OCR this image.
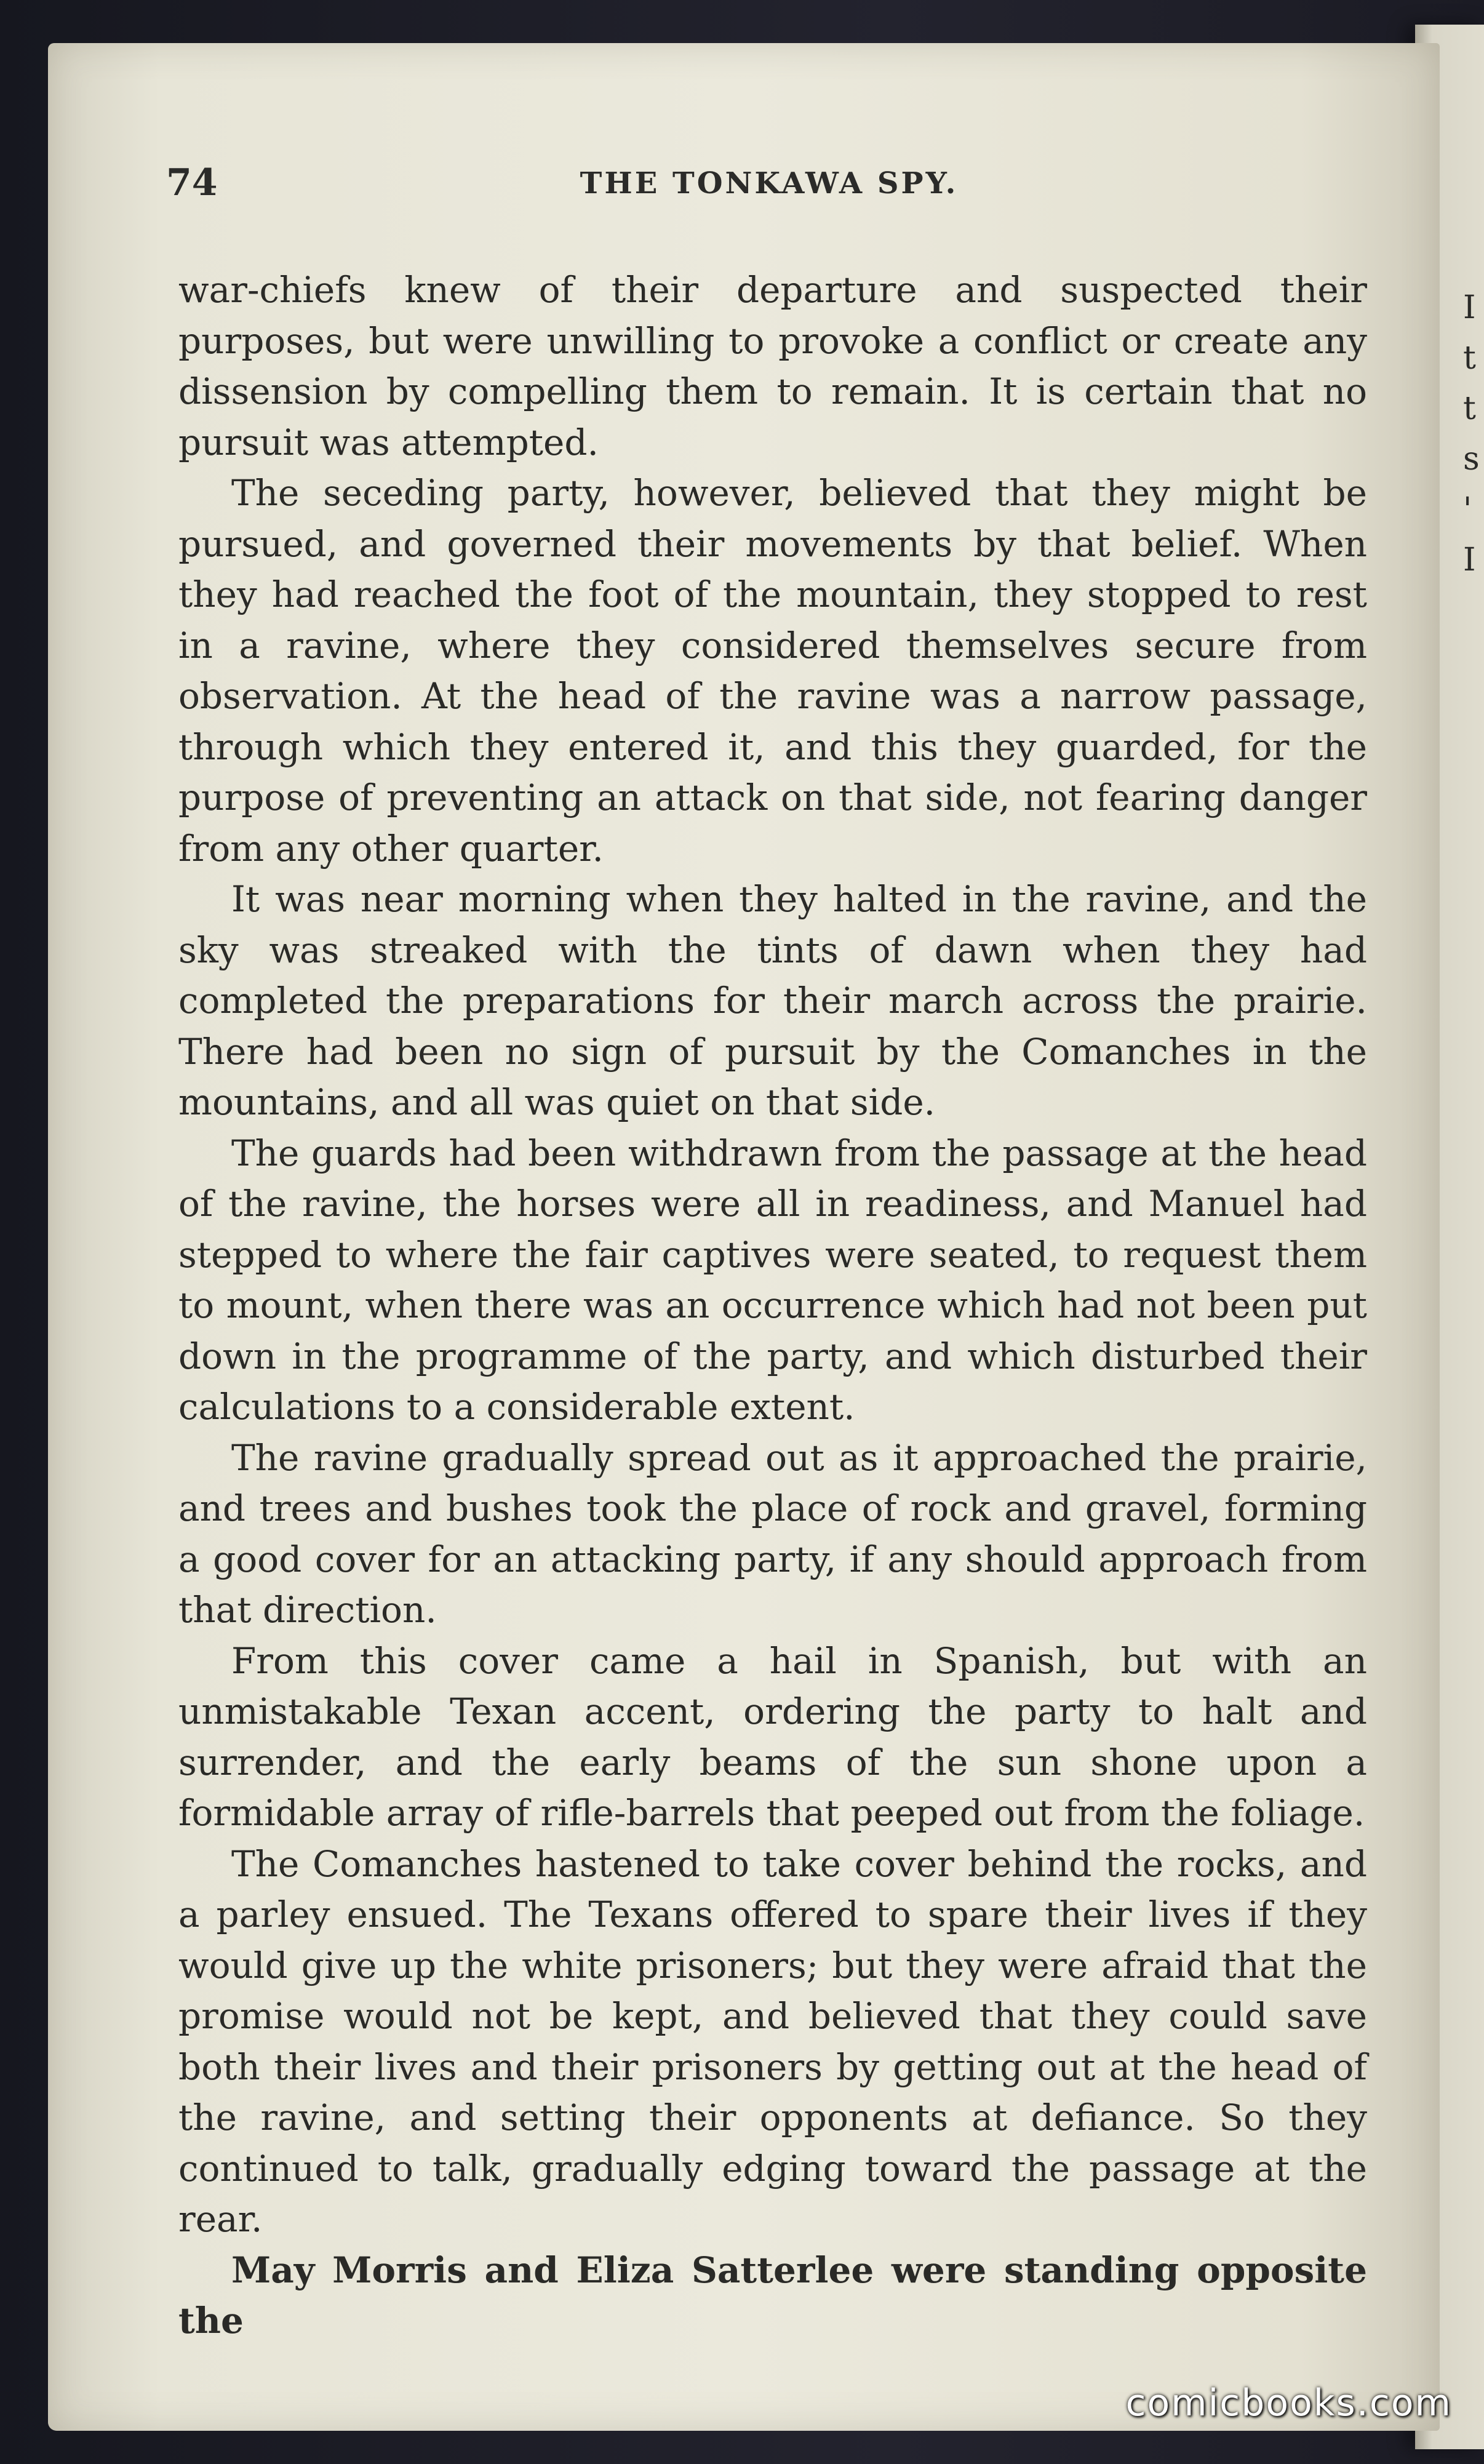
I
t
t
s
'
I
74	THE TONKAWA SPY.

war-chiefs knew of their departure and suspected their purposes, but were unwilling to provoke a conflict or create any dissension by compelling them to remain. It is certain that no pursuit was attempted.

The seceding party, however, believed that they might be pursued, and governed their movements by that belief. When they had reached the foot of the mountain, they stopped to rest in a ravine, where they considered themselves secure from observation. At the head of the ravine was a narrow passage, through which they entered it, and this they guarded, for the purpose of preventing an attack on that side, not fearing danger from any other quarter.

It was near morning when they halted in the ravine, and the sky was streaked with the tints of dawn when they had completed the preparations for their march across the prairie. There had been no sign of pursuit by the Comanches in the mountains, and all was quiet on that side.

The guards had been withdrawn from the passage at the head of the ravine, the horses were all in readiness, and Manuel had stepped to where the fair captives were seated, to request them to mount, when there was an occurrence which had not been put down in the programme of the party, and which disturbed their calculations to a considerable extent.

The ravine gradually spread out as it approached the prairie, and trees and bushes took the place of rock and gravel, forming a good cover for an attacking party, if any should approach from that direction.

From this cover came a hail in Spanish, but with an unmistakable Texan accent, ordering the party to halt and surrender, and the early beams of the sun shone upon a formidable array of rifle-barrels that peeped out from the foliage.

The Comanches hastened to take cover behind the rocks, and a parley ensued. The Texans offered to spare their lives if they would give up the white prisoners; but they were afraid that the promise would not be kept, and believed that they could save both their lives and their prisoners by getting out at the head of the ravine, and setting their opponents at defiance. So they continued to talk, gradually edging toward the passage at the rear.

May Morris and Eliza Satterlee were standing opposite the

comicbooks.com
